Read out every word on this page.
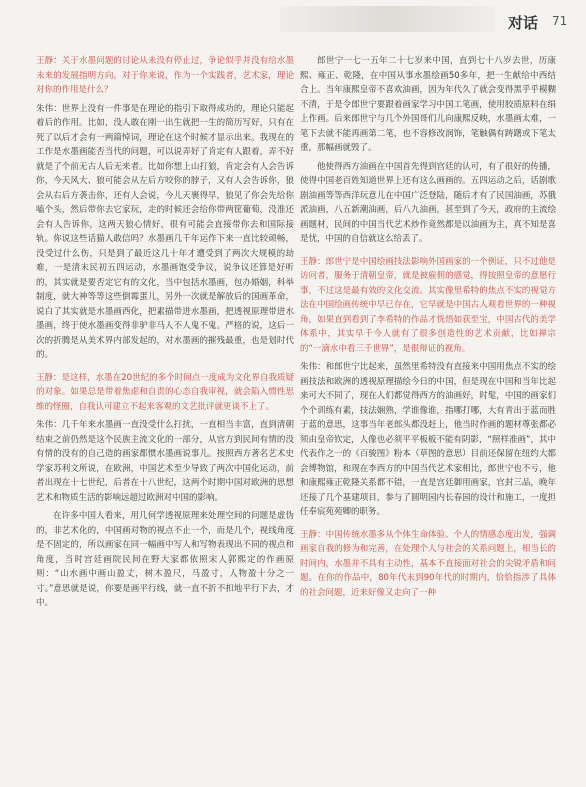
对话 71

王静：关于水墨问题的讨论从未没有停止过，争论似乎并没有给水墨未来的发展指明方向。对于你来说，作为一个实践者，艺术家，理论对你的作用是什么？

朱伟：世界上没有一件事是在理论的指引下取得成功的，理论只能起着后的作用。比如，没人敢在刚一出生就把一生的简历写好，只有在死了以后才会有一两篇悼词，理论在这个时候才显示出来。我现在的工作是水墨画能否当代的问题，可以说弄好了肯定有人跟着，弄不好就是了个前无古人后无来者。比如你想上山打狼，肯定会有人会告诉你，今天风大、狼可能会从左后方咬你的脖子，又有人会告诉你，狼会从右后方袭击你，还有人会说，今儿天裹得早，狼见了你会先给你嗑个头，然后带你去它家玩，走的时候还会给你带两筐葡萄，没准还会有人告诉你，这两天狼心情好，很有可能会直接带你去和国际接轨。你说这些话猫人敢信吗？水墨画几千年运作下来一直比较顽畅，没受过什么伤，只是到了最近这几十年才遭受到了两次大规模的劫难，一是清末民初五四运动，水墨画饱受争议，说争议还算是好听的，其实就是要否定它有的文化，当中包括水墨画，包办婚姻，科举制度，就大神等等这些倒霉蛋儿，另外一次就是解放后的国画革命，说白了其实就是水墨画西化，把素描带进水墨画，把透视原理带进水墨画，终于使水墨画变得非驴非马人不人鬼不鬼。严格的说，这后一次的折腾是从美术界内部发起的，对水墨画的摧残最重，也是划时代的。

王静：是这样，水墨在20世纪的多个时间点一度成为文化界自我质疑的对象。如果总是带着焦虑和自责的心态自我审视，就会陷入惯性思维的怪圈，自我认可建立不起来客观的文艺批评就更谈不上了。

朱伟：几千年来水墨画一直没受什么打扰，一直相当丰富，直到清朝结束之前仍然是这个民族主流文化的一部分，从官方到民间有情的没有情的没有的自己造的画家都惯水墨画说事儿。按照西方著名艺术史学家苏利文所说，在欧洲，中国艺术至少导致了两次中国化运动，前者出现在十七世纪，后者在十八世纪，这两个时期中国对欧洲的思想艺术和物质生活的影响远超过欧洲对中国的影响。

在许多中国人看来，用几何学透视原理来处理空间的问题是虚伪的，非艺术化的，中国画对物的视点不止一个，而是几个，视线角度是不固定的，所以画家在同一幅画中写人和写物表现出不同的视点和角度，当时宫廷画院民间在野大家都依照宋人郭熙定的作画原则：“山水画中画山盈丈，树木盈尺，马盈寸，人物盈十分之一寸。”意思就是说，你要是画平行线，就一直不折不扣地平行下去，才中。

郎世宁一七一五年二十七岁来中国，直到七十八岁去世，历康熙、雍正、乾隆，在中国从事水墨绘画50多年，把一生献给中西结合上。当年康熙皇帝不喜欢油画，因为年代久了就会变得黑乎乎模糊不清，于是令郎世宁要跟着画家学习中国工笔画，使用胶质原料在绢上作画。后来郎世宁与几个外国哥们儿向康熙反映，水墨画太难，一笔下去就不能再画第二笔，也不容修改润饰，笔触偶有踌躇或下笔太重，那幅画就毁了。

他使得西方油画在中国首先得到宫廷的认可，有了很好的传播，使得中国老百姓知道世界上还有这么画画的。五四运动之后，话剧歌剧油画等等西洋玩意儿在中国广泛登陆，随后才有了民国油画，苏俄派油画，八五新潮油画，后八九油画，甚至到了今天，政府的主流绘画题材，民间的中国当代艺术炒作竟然都是以油画为主，真不知是喜是忧，中国的自信就这么给丢了。

王静：郎世宁是中国绘画技法影响外国画家的一个例证，只不过他是访问者，服务于清朝皇帝，就是被雇佣的感觉，得按照皇帝的意愿行事，不过这是最有效的文化交流。其实像里希特的焦点不实的视觉方法在中国绘画传统中早已存在，它早就是中国古人观看世界的一种视角，如果直到看到了李希特的作品才恍悟如获至宝，中国古代的美学体系中，其实早千今人就有了很多创造性的艺术贡献，比如禅宗的“一滴水中看三千世界”，是很辩证的视角。

朱伟：和郎世宁比起来，虽然里希特没有直接来中国用焦点不实的绘画技法和欧洲的透视原理描绘今日的中国，但是现在中国和当年比起来可大不同了，现在人们都觉得西方的油画好，时髦，中国的画家们个个训练有素，技法娴熟，学谁像谁，指哪打哪，大有青出于蓝而胜于蓝的意思，这事当年老郎头都没赶上，他当时作画的题材尊张都必须由皇帝钦定，人像也必须平平板板不能有阴影，“照样准画”，其中代表作之一的《百骏图》粉本（草图的意思）目前还保留在纽约大都会博物馆，和现在李西方的中国当代艺术家相比，郎世宁也不亏，他和康熙雍正乾隆关系都不错，一直是宫廷御用画家，官封三品，晚年还接了几个基建项目，参与了圆明园内长春园的设计和施工，一度担任奉宸苑苑卿的职务。

王静：中国传统水墨多从个体生命体验、个人的情感态度出发，强调画家自我的修为和完善，在处理个人与社会的关系问题上，相当长的时间内，水墨并不具有主动性，基本不直接面对社会的尖锐矛盾和问题。在你的作品中，80年代末到90年代的时期内，恰恰指涉了具体的社会问题，近来好像又走向了一种
